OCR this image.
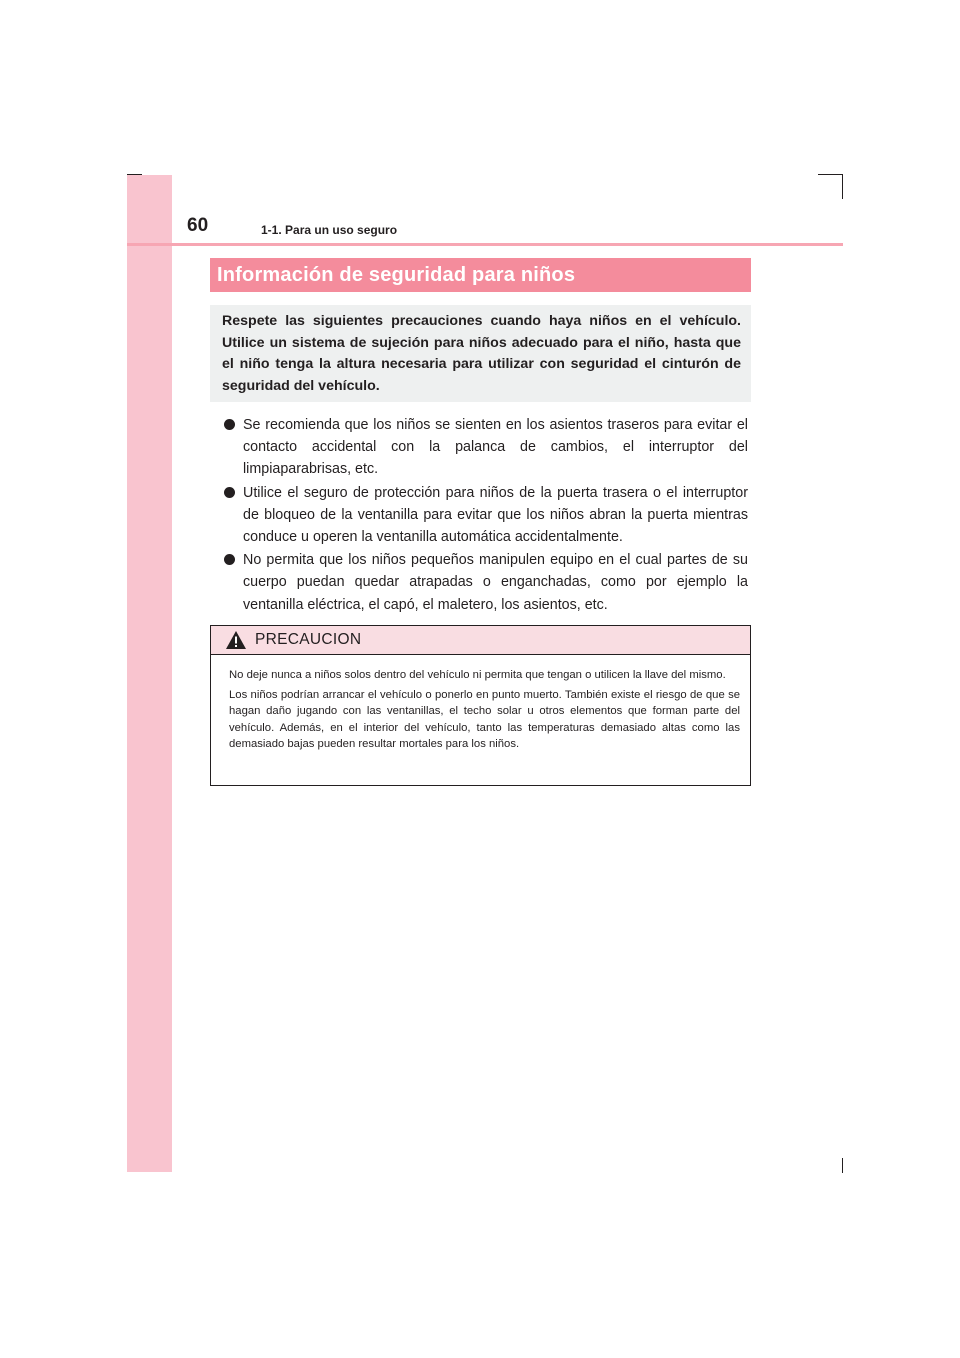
60	1-1. Para un uso seguro
Información de seguridad para niños

Respete las siguientes precauciones cuando haya niños en el vehículo. Utilice un sistema de sujeción para niños adecuado para el niño, hasta que el niño tenga la altura necesaria para utilizar con seguridad el cinturón de seguridad del vehículo.

Se recomienda que los niños se sienten en los asientos traseros para evitar el contacto accidental con la palanca de cambios, el interruptor del limpiaparabrisas, etc.
Utilice el seguro de protección para niños de la puerta trasera o el interruptor de bloqueo de la ventanilla para evitar que los niños abran la puerta mientras conduce u operen la ventanilla automática accidentalmente.
No permita que los niños pequeños manipulen equipo en el cual partes de su cuerpo puedan quedar atrapadas o enganchadas, como por ejemplo la ventanilla eléctrica, el capó, el maletero, los asientos, etc.
PRECAUCION

No deje nunca a niños solos dentro del vehículo ni permita que tengan o utilicen la llave del mismo.

Los niños podrían arrancar el vehículo o ponerlo en punto muerto. También existe el riesgo de que se hagan daño jugando con las ventanillas, el techo solar u otros elementos que forman parte del vehículo. Además, en el interior del vehículo, tanto las temperaturas demasiado altas como las demasiado bajas pueden resultar mortales para los niños.
